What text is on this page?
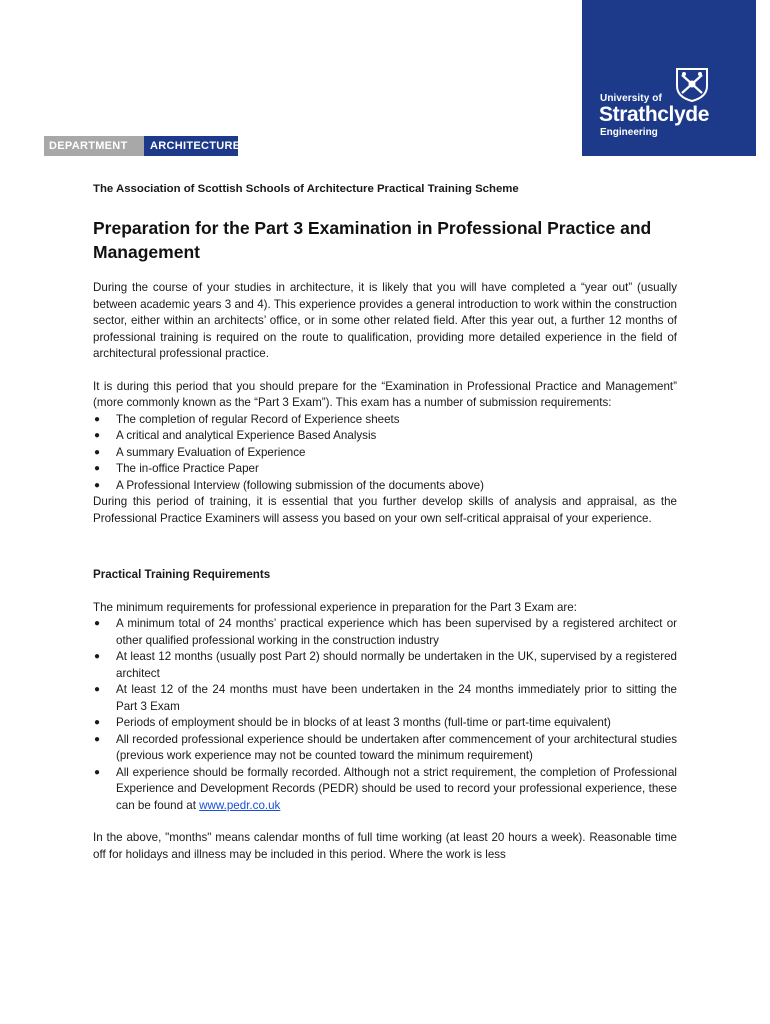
University of
Strathclyde
Engineering
DEPARTMENT OF
ARCHITECTURE
The Association of Scottish Schools of Architecture Practical Training Scheme
Preparation for the Part 3 Examination in Professional Practice and Management

During the course of your studies in architecture, it is likely that you will have completed a “year out” (usually between academic years 3 and 4). This experience provides a general introduction to work within the construction sector, either within an architects’ office, or in some other related field. After this year out, a further 12 months of professional training is required on the route to qualification, providing more detailed experience in the field of architectural professional practice.

It is during this period that you should prepare for the “Examination in Professional Practice and Management” (more commonly known as the “Part 3 Exam”). This exam has a number of submission requirements:

● The completion of regular Record of Experience sheets
● A critical and analytical Experience Based Analysis
● A summary Evaluation of Experience
● The in-office Practice Paper
● A Professional Interview (following submission of the documents above)

During this period of training, it is essential that you further develop skills of analysis and appraisal, as the Professional Practice Examiners will assess you based on your own self-critical appraisal of your experience.

Practical Training Requirements

The minimum requirements for professional experience in preparation for the Part 3 Exam are:

● A minimum total of 24 months’ practical experience which has been supervised by a registered architect or other qualified professional working in the construction industry
● At least 12 months (usually post Part 2) should normally be undertaken in the UK, supervised by a registered architect
● At least 12 of the 24 months must have been undertaken in the 24 months immediately prior to sitting the Part 3 Exam
● Periods of employment should be in blocks of at least 3 months (full-time or part-time equivalent)
● All recorded professional experience should be undertaken after commencement of your architectural studies (previous work experience may not be counted toward the minimum requirement)
● All experience should be formally recorded. Although not a strict requirement, the completion of Professional Experience and Development Records (PEDR) should be used to record your professional experience, these can be found at www.pedr.co.uk

In the above, "months" means calendar months of full time working (at least 20 hours a week). Reasonable time off for holidays and illness may be included in this period. Where the work is less
